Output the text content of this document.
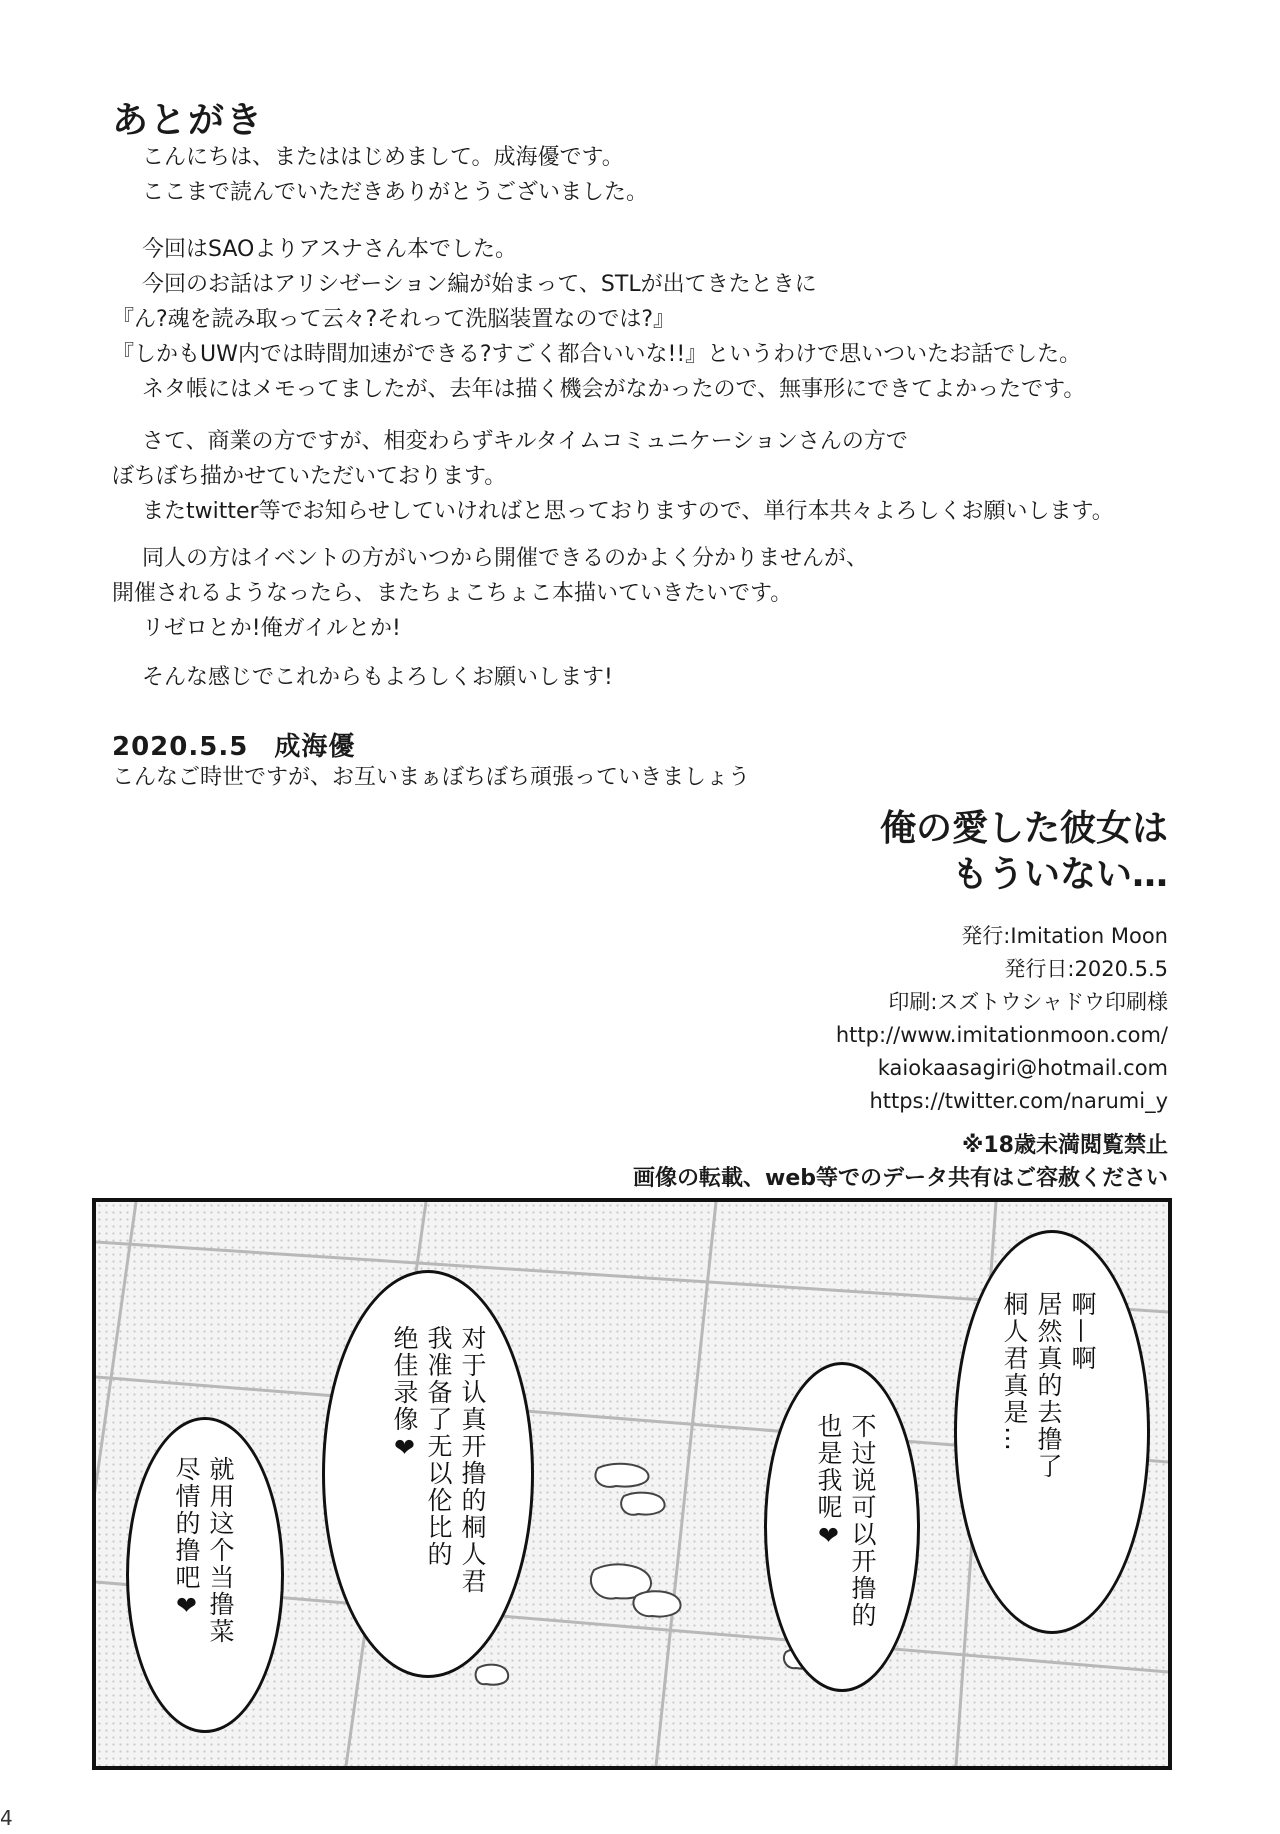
あとがき
こんにちは、またははじめまして。成海優です。
ここまで読んでいただきありがとうございました。
今回はSAOよりアスナさん本でした。
今回のお話はアリシゼーション編が始まって、STLが出てきたときに
『ん?魂を読み取って云々?それって洗脳装置なのでは?』
『しかもUW内では時間加速ができる?すごく都合いいな!!』というわけで思いついたお話でした。
ネタ帳にはメモってましたが、去年は描く機会がなかったので、無事形にできてよかったです。
さて、商業の方ですが、相変わらずキルタイムコミュニケーションさんの方で
ぼちぼち描かせていただいております。
またtwitter等でお知らせしていければと思っておりますので、単行本共々よろしくお願いします。
同人の方はイベントの方がいつから開催できるのかよく分かりませんが、
開催されるようなったら、またちょこちょこ本描いていきたいです。
リゼロとか!俺ガイルとか!
そんな感じでこれからもよろしくお願いします!
2020.5.5 成海優
こんなご時世ですが、お互いまぁぼちぼち頑張っていきましょう
俺の愛した彼女は
もういない…
発行:Imitation Moon
発行日:2020.5.5
印刷:スズトウシャドウ印刷様
http://www.imitationmoon.com/
kaiokaasagiri@hotmail.com
https://twitter.com/narumi_y
※18歳未満閲覧禁止
画像の転載、web等でのデータ共有はご容赦ください
就用这个当撸菜
尽情的撸吧❤	对于认真开撸的桐人君
我准备了无以伦比的
绝佳录像❤
不过说可以开撸的
也是我呢❤
啊—啊
居然真的去撸了
桐人君真是…
4
